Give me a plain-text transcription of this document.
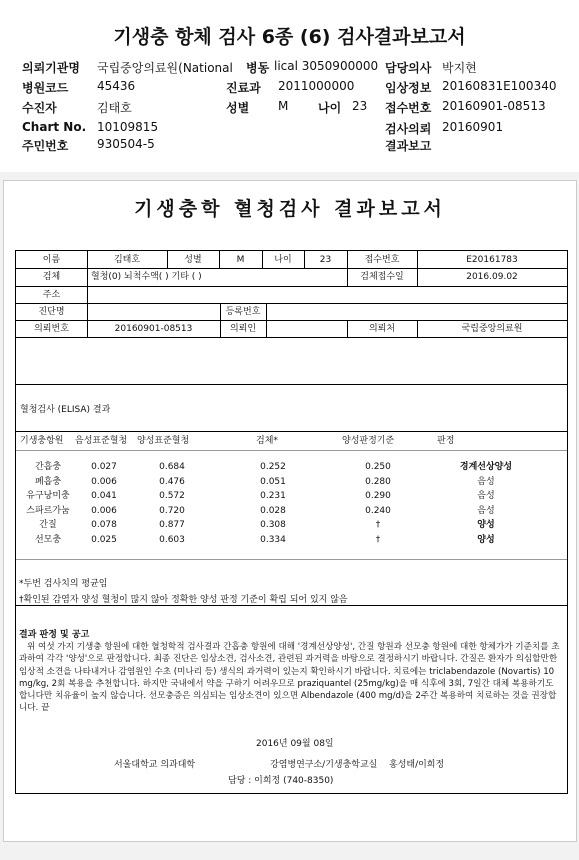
기생충 항체 검사 6종 (6) 검사결과보고서
의뢰기관명 국립중앙의료원(National 병동 lical 3050900000 담당의사 박지현
병원코드 45436	진료과 2011000000	임상정보 20160831E100340
수진자	김태호	성별 M 나이 23 접수번호 20160901-08513
Chart No. 10109815	검사의뢰 20160901
주민번호 930504-5	결과보고
기생충학 혈청검사 결과보고서
이름	김태호	성별	M	나이	23	접수번호	E20161783
검체	혈청(0) 뇌척수액( ) 기타 ( )	검체접수일	2016.09.02
주소
진단명	등록번호
의뢰번호	20160901-08513	의뢰인	의뢰처	국립중앙의료원
혈청검사 (ELISA) 결과
기생충항원 음성표준혈청 양성표준혈청	검체*	양성판정기준	판정
간흡충	0.027	0.684	0.252	0.250	경계선상양성
폐흡충	0.006	0.476	0.051	0.280	음성
유구낭미충	0.041	0.572	0.231	0.290	음성
스파르가눔	0.006	0.720	0.028	0.240	음성
간질	0.078	0.877	0.308	†	양성
선모충	0.025	0.603	0.334	†	양성
*두번 검사치의 평균임
†확인된 감염자 양성 혈청이 많지 않아 정확한 양성 판정 기준이 확립 되어 있지 않음
결과 판정 및 공고
위 여섯 가지 기생충 항원에 대한 혈청학적 검사결과 간흡충 항원에 대해 '경계선상양성', 간질 항원과 선모충 항원에 대한 항체가가 기준치를 초과하여 각각 '양성'으로 판정합니다. 최종 진단은 임상소견, 검사소견, 관련된 과거력을 바탕으로 결정하시기 바랍니다. 간질은 환자가 의심할만한 임상적 소견을 나타내거나 감염원인 수초 (미나리 등) 생식의 과거력이 있는지 확인하시기 바랍니다. 치료에는 triclabendazole (Novartis) 10 mg/kg, 2회 복용을 추천합니다. 하지만 국내에서 약을 구하기 어려우므로 praziquantel (25mg/kg)을 매 식후에 3회, 7일간 대체 복용하기도 합니다만 치유율이 높지 않습니다. 선모충증은 의심되는 임상소견이 있으면 Albendazole (400 mg/d)을 2주간 복용하여 치료하는 것을 권장합니다. 끝
2016년 09월 08일
서울대학교 의과대학	강염병연구소/기생충학교실 홍성태/이희정
담당 : 이희정 (740-8350)
